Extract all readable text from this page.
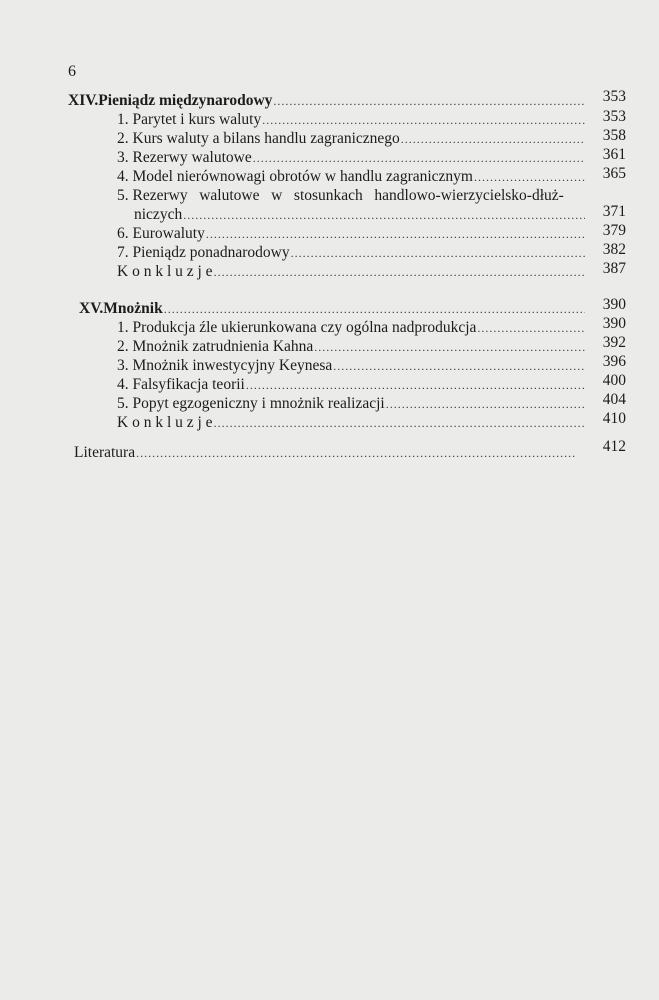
6
XIV. Pieniądz międzynarodowy .....	353
1. Parytet i kurs waluty .....	353
2. Kurs waluty a bilans handlu zagranicznego .....	358
3. Rezerwy walutowe .....	361
4. Model nierównowagi obrotów w handlu zagranicznym .....	365
5. Rezerwy   walutowe   w   stosunkach   handlowo-wierzycielsko-dłuż-
niczych .....	371
6. Eurowaluty .....	379
7. Pieniądz ponadnarodowy .....	382
K o n k l u z j e .....	387
XV. Mnożnik .....	390
1. Produkcja źle ukierunkowana czy ogólna nadprodukcja .....	390
2. Mnożnik zatrudnienia Kahna .....	392
3. Mnożnik inwestycyjny Keynesa .....	396
4. Falsyfikacja teorii .....	400
5. Popyt egzogeniczny i mnożnik realizacji .....	404
K o n k l u z j e .....	410
Literatura .....	412
